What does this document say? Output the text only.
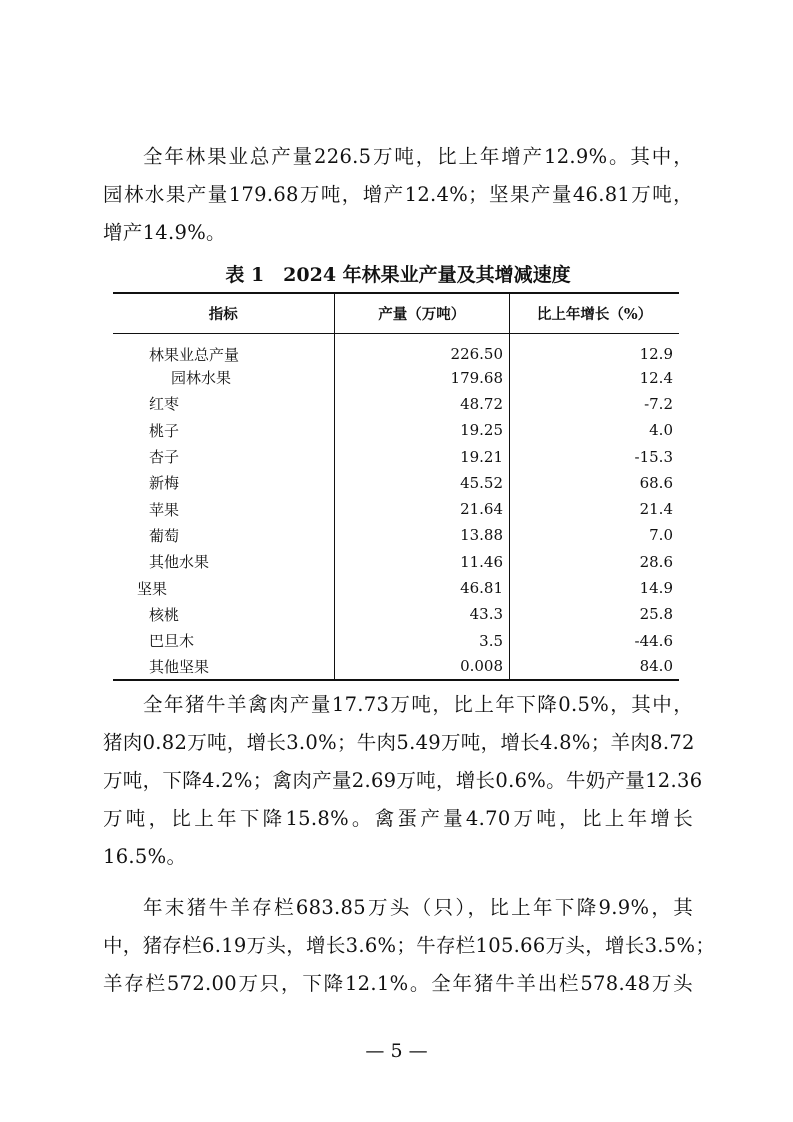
全年林果业总产量226.5万吨，比上年增产12.9%。其中，
园林水果产量179.68万吨，增产12.4%；坚果产量46.81万吨，
增产14.9%。

表 1　2024 年林果业产量及其增减速度
指标	产量（万吨）	比上年增长（%）
林果业总产量	226.50	12.9
园林水果	179.68	12.4
红枣	48.72	-7.2
桃子	19.25	4.0
杏子	19.21	-15.3
新梅	45.52	68.6
苹果	21.64	21.4
葡萄	13.88	7.0
其他水果	11.46	28.6
坚果	46.81	14.9
核桃	43.3	25.8
巴旦木	3.5	-44.6
其他坚果	0.008	84.0

全年猪牛羊禽肉产量17.73万吨，比上年下降0.5%，其中，
猪肉0.82万吨，增长3.0%；牛肉5.49万吨，增长4.8%；羊肉8.72
万吨，下降4.2%；禽肉产量2.69万吨，增长0.6%。牛奶产量12.36
万吨，比上年下降15.8%。禽蛋产量4.70万吨，比上年增长
16.5%。

年末猪牛羊存栏683.85万头（只），比上年下降9.9%，其
中，猪存栏6.19万头，增长3.6%；牛存栏105.66万头，增长3.5%；
羊存栏572.00万只，下降12.1%。全年猪牛羊出栏578.48万头

— 5 —
